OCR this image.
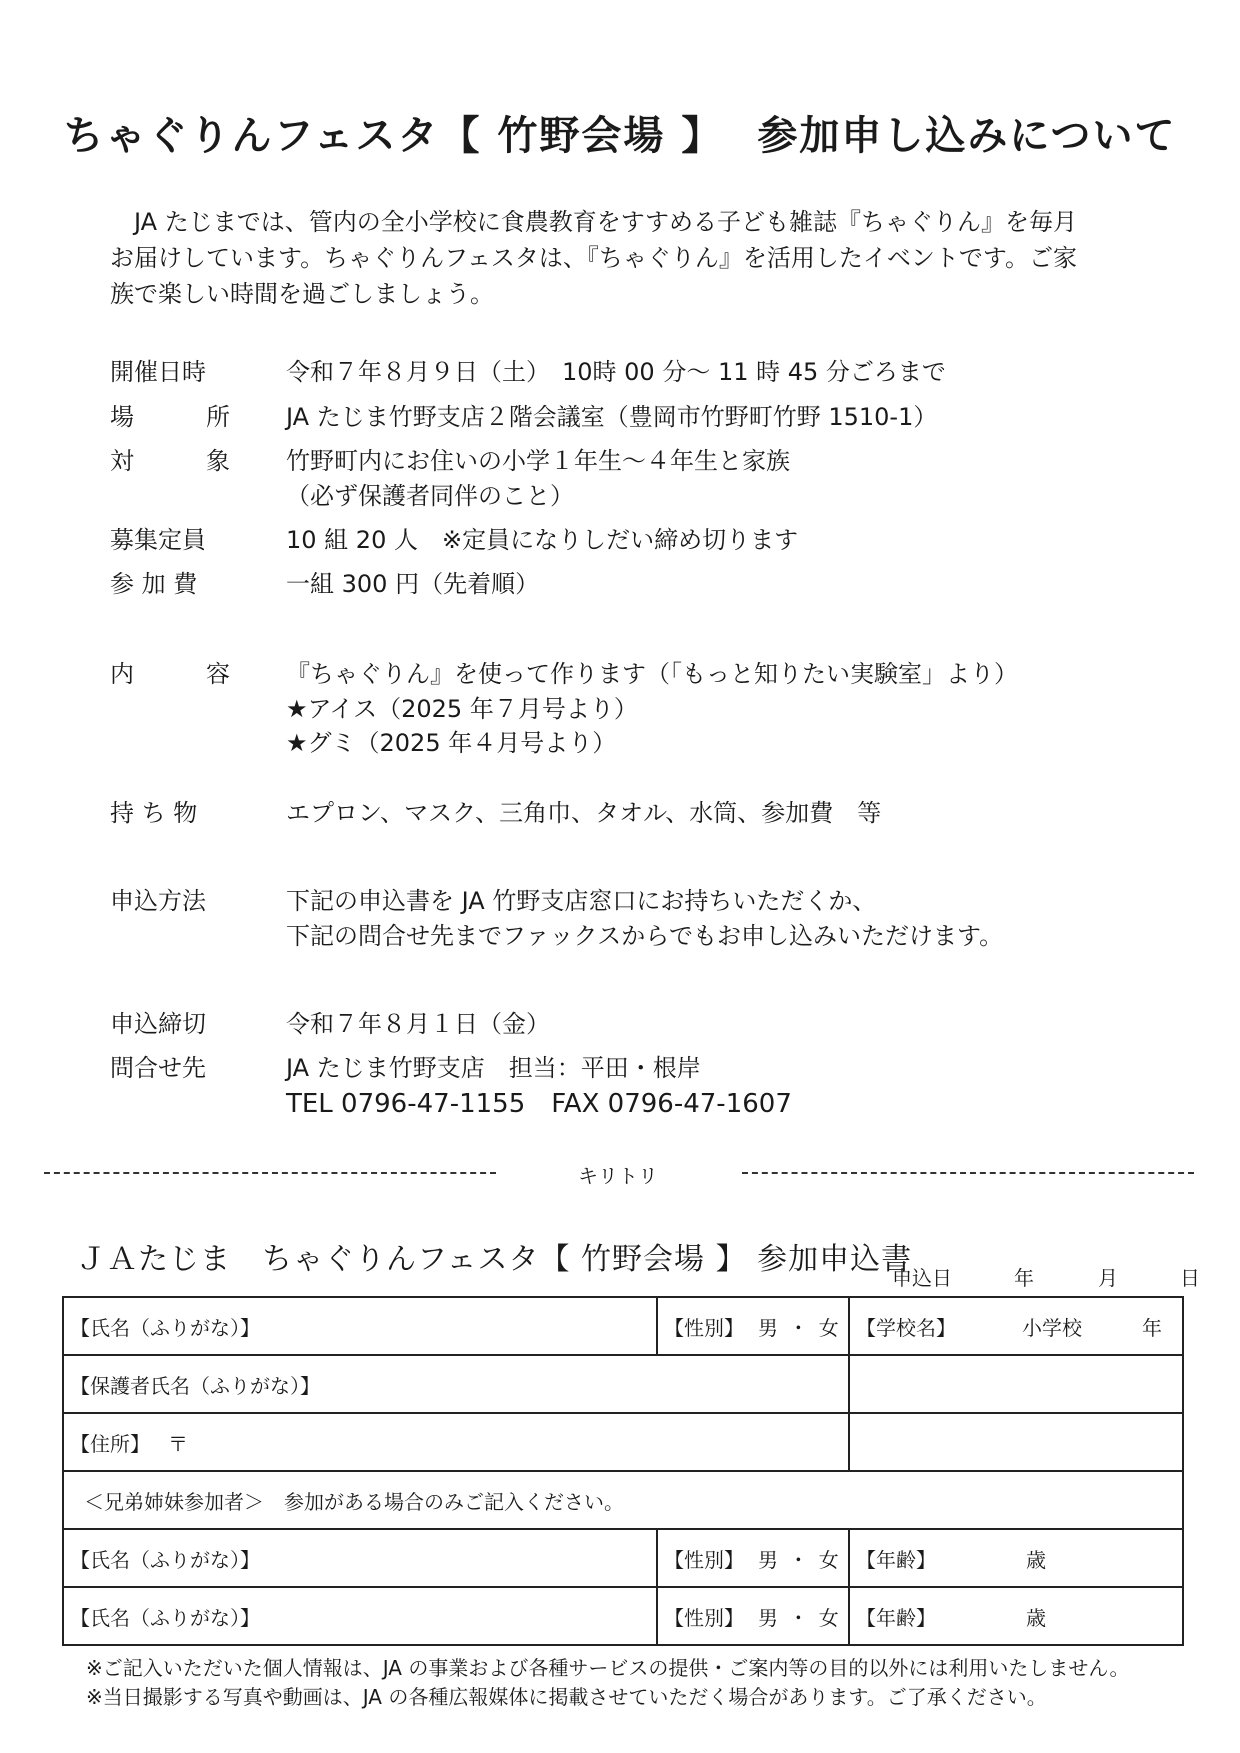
ちゃぐりんフェスタ【 竹野会場 】 参加申し込みについて

　JA たじまでは、管内の全小学校に食農教育をすすめる子ども雑誌『ちゃぐりん』を毎月

お届けしています。ちゃぐりんフェスタは、『ちゃぐりん』を活用したイベントです。ご家

族で楽しい時間を過ごしましょう。

開催日時	令和７年８月９日（土）　10時 00 分～ 11 時 45 分ごろまで
場	所	JA たじま竹野支店２階会議室（豊岡市竹野町竹野 1510-1）
対	象	竹野町内にお住いの小学１年生～４年生と家族
（必ず保護者同伴のこと）
募集定員	10 組 20 人　※定員になりしだい締め切ります
参 加 費	一組 300 円（先着順）
内	容	『ちゃぐりん』を使って作ります（「もっと知りたい実験室」より）
★アイス（2025 年７月号より）
★グミ（2025 年４月号より）
持 ち 物	エプロン、マスク、三角巾、タオル、水筒、参加費　等
申込方法	下記の申込書を JA 竹野支店窓口にお持ちいただくか、
下記の問合せ先までファックスからでもお申し込みいただけます。
申込締切	令和７年８月１日（金）
問合せ先	JA たじま竹野支店　担当：平田・根岸
TEL 0796-47-1155　FAX 0796-47-1607
キリトリ
ＪＡたじま　ちゃぐりんフェスタ【 竹野会場 】 参加申込書
申込日	年	月	日
【氏名（ふりがな）】	【性別】 男 ・ 女	【学校名】 小学校 年
【保護者氏名（ふりがな）】		
【住所】 〒		
＜兄弟姉妹参加者＞　参加がある場合のみご記入ください。		
【氏名（ふりがな）】	【性別】 男 ・ 女	【年齢】 歳
【氏名（ふりがな）】	【性別】 男 ・ 女	【年齢】 歳
※ご記入いただいた個人情報は、JA の事業および各種サービスの提供・ご案内等の目的以外には利用いたしません。
※当日撮影する写真や動画は、JA の各種広報媒体に掲載させていただく場合があります。ご了承ください。
